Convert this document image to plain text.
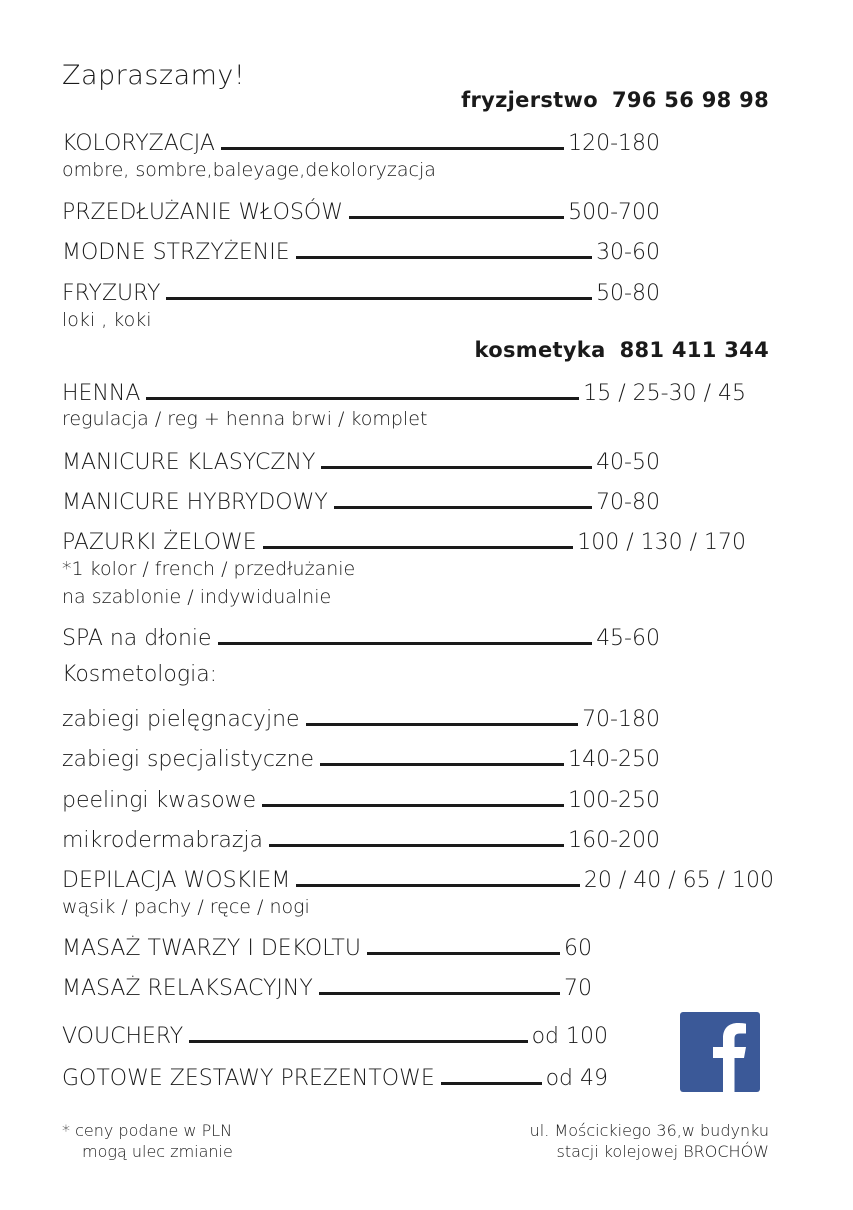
Zapraszamy!
fryzjerstwo 796 56 98 98
KOLORYZACJA	120-180
ombre, sombre,baleyage,dekoloryzacja
PRZEDŁUŻANIE WŁOSÓW	500-700
MODNE STRZYŻENIE	30-60
FRYZURY	50-80
loki , koki
kosmetyka 881 411 344
HENNA	15 / 25-30 / 45
regulacja / reg + henna brwi / komplet
MANICURE KLASYCZNY	40-50
MANICURE HYBRYDOWY	70-80
PAZURKI ŻELOWE	100 / 130 / 170
*1 kolor / french / przedłużanie
na szablonie / indywidualnie
SPA na dłonie	45-60
Kosmetologia:
zabiegi pielęgnacyjne	70-180
zabiegi specjalistyczne	140-250
peelingi kwasowe	100-250
mikrodermabrazja	160-200
DEPILACJA WOSKIEM	20 / 40 / 65 / 100
wąsik / pachy / ręce / nogi
MASAŻ TWARZY I DEKOLTU	60
MASAŻ RELAKSACYJNY	70
VOUCHERY	od 100
GOTOWE ZESTAWY PREZENTOWE	od 49
* ceny podane w PLN
mogą ulec zmianie
ul. Mościckiego 36,w budynku
stacji kolejowej BROCHÓW
